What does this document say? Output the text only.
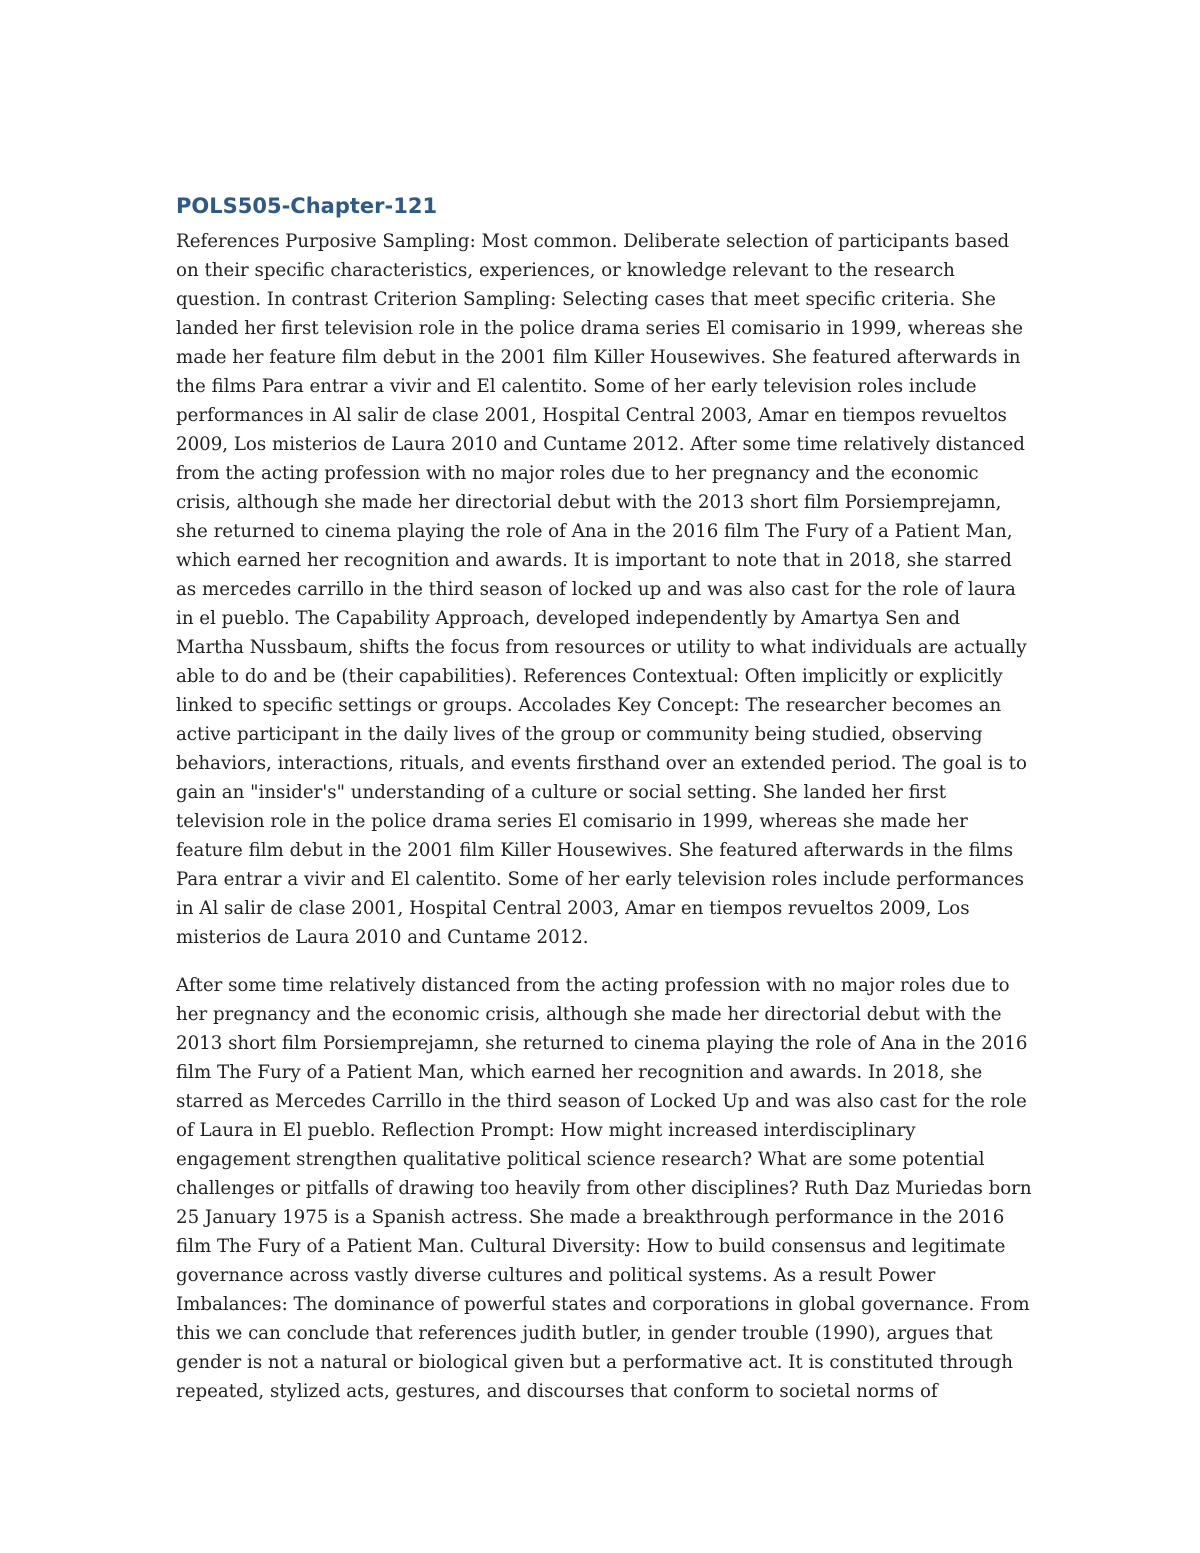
POLS505-Chapter-121
References Purposive Sampling: Most common. Deliberate selection of participants based
on their specific characteristics, experiences, or knowledge relevant to the research
question. In contrast Criterion Sampling: Selecting cases that meet specific criteria. She
landed her first television role in the police drama series El comisario in 1999, whereas she
made her feature film debut in the 2001 film Killer Housewives. She featured afterwards in
the films Para entrar a vivir and El calentito. Some of her early television roles include
performances in Al salir de clase 2001, Hospital Central 2003, Amar en tiempos revueltos
2009, Los misterios de Laura 2010 and Cuntame 2012. After some time relatively distanced
from the acting profession with no major roles due to her pregnancy and the economic
crisis, although she made her directorial debut with the 2013 short film Porsiemprejamn,
she returned to cinema playing the role of Ana in the 2016 film The Fury of a Patient Man,
which earned her recognition and awards. It is important to note that in 2018, she starred
as mercedes carrillo in the third season of locked up and was also cast for the role of laura
in el pueblo. The Capability Approach, developed independently by Amartya Sen and
Martha Nussbaum, shifts the focus from resources or utility to what individuals are actually
able to do and be (their capabilities). References Contextual: Often implicitly or explicitly
linked to specific settings or groups. Accolades Key Concept: The researcher becomes an
active participant in the daily lives of the group or community being studied, observing
behaviors, interactions, rituals, and events firsthand over an extended period. The goal is to
gain an "insider's" understanding of a culture or social setting. She landed her first
television role in the police drama series El comisario in 1999, whereas she made her
feature film debut in the 2001 film Killer Housewives. She featured afterwards in the films
Para entrar a vivir and El calentito. Some of her early television roles include performances
in Al salir de clase 2001, Hospital Central 2003, Amar en tiempos revueltos 2009, Los
misterios de Laura 2010 and Cuntame 2012.
After some time relatively distanced from the acting profession with no major roles due to
her pregnancy and the economic crisis, although she made her directorial debut with the
2013 short film Porsiemprejamn, she returned to cinema playing the role of Ana in the 2016
film The Fury of a Patient Man, which earned her recognition and awards. In 2018, she
starred as Mercedes Carrillo in the third season of Locked Up and was also cast for the role
of Laura in El pueblo. Reflection Prompt: How might increased interdisciplinary
engagement strengthen qualitative political science research? What are some potential
challenges or pitfalls of drawing too heavily from other disciplines? Ruth Daz Muriedas born
25 January 1975 is a Spanish actress. She made a breakthrough performance in the 2016
film The Fury of a Patient Man. Cultural Diversity: How to build consensus and legitimate
governance across vastly diverse cultures and political systems. As a result Power
Imbalances: The dominance of powerful states and corporations in global governance. From
this we can conclude that references judith butler, in gender trouble (1990), argues that
gender is not a natural or biological given but a performative act. It is constituted through
repeated, stylized acts, gestures, and discourses that conform to societal norms of
